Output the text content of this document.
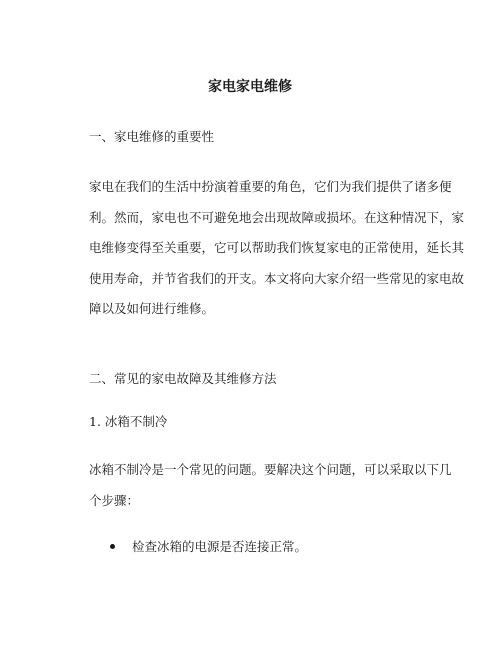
家电家电维修
一、家电维修的重要性
家电在我们的生活中扮演着重要的角色，它们为我们提供了诸多便
利。然而，家电也不可避免地会出现故障或损坏。在这种情况下，家
电维修变得至关重要，它可以帮助我们恢复家电的正常使用，延长其
使用寿命，并节省我们的开支。本文将向大家介绍一些常见的家电故
障以及如何进行维修。
二、常见的家电故障及其维修方法
1. 冰箱不制冷
冰箱不制冷是一个常见的问题。要解决这个问题，可以采取以下几
个步骤：
检查冰箱的电源是否连接正常。
